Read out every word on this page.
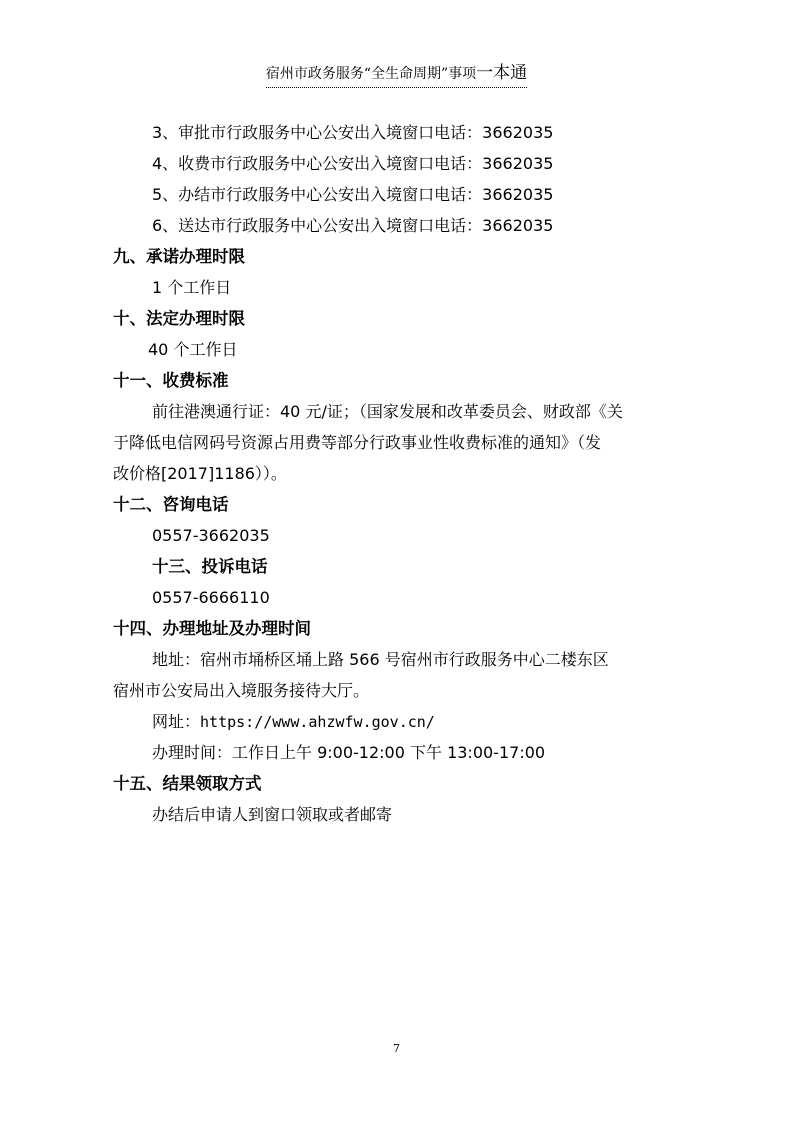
宿州市政务服务“全生命周期”事项一本通
3、审批市行政服务中心公安出入境窗口电话：3662035
4、收费市行政服务中心公安出入境窗口电话：3662035
5、办结市行政服务中心公安出入境窗口电话：3662035
6、送达市行政服务中心公安出入境窗口电话：3662035
九、承诺办理时限
1 个工作日
十、法定办理时限
40 个工作日
十一、收费标准
前往港澳通行证：40 元/证；（国家发展和改革委员会、财政部《关
于降低电信网码号资源占用费等部分行政事业性收费标准的通知》（发
改价格[2017]1186））。
十二、咨询电话
0557-3662035
十三、投诉电话
0557-6666110
十四、办理地址及办理时间
地址：宿州市埇桥区埇上路 566 号宿州市行政服务中心二楼东区
宿州市公安局出入境服务接待大厅。
网址：https://www.ahzwfw.gov.cn/
办理时间：工作日上午 9:00-12:00 下午 13:00-17:00
十五、结果领取方式
办结后申请人到窗口领取或者邮寄
7
